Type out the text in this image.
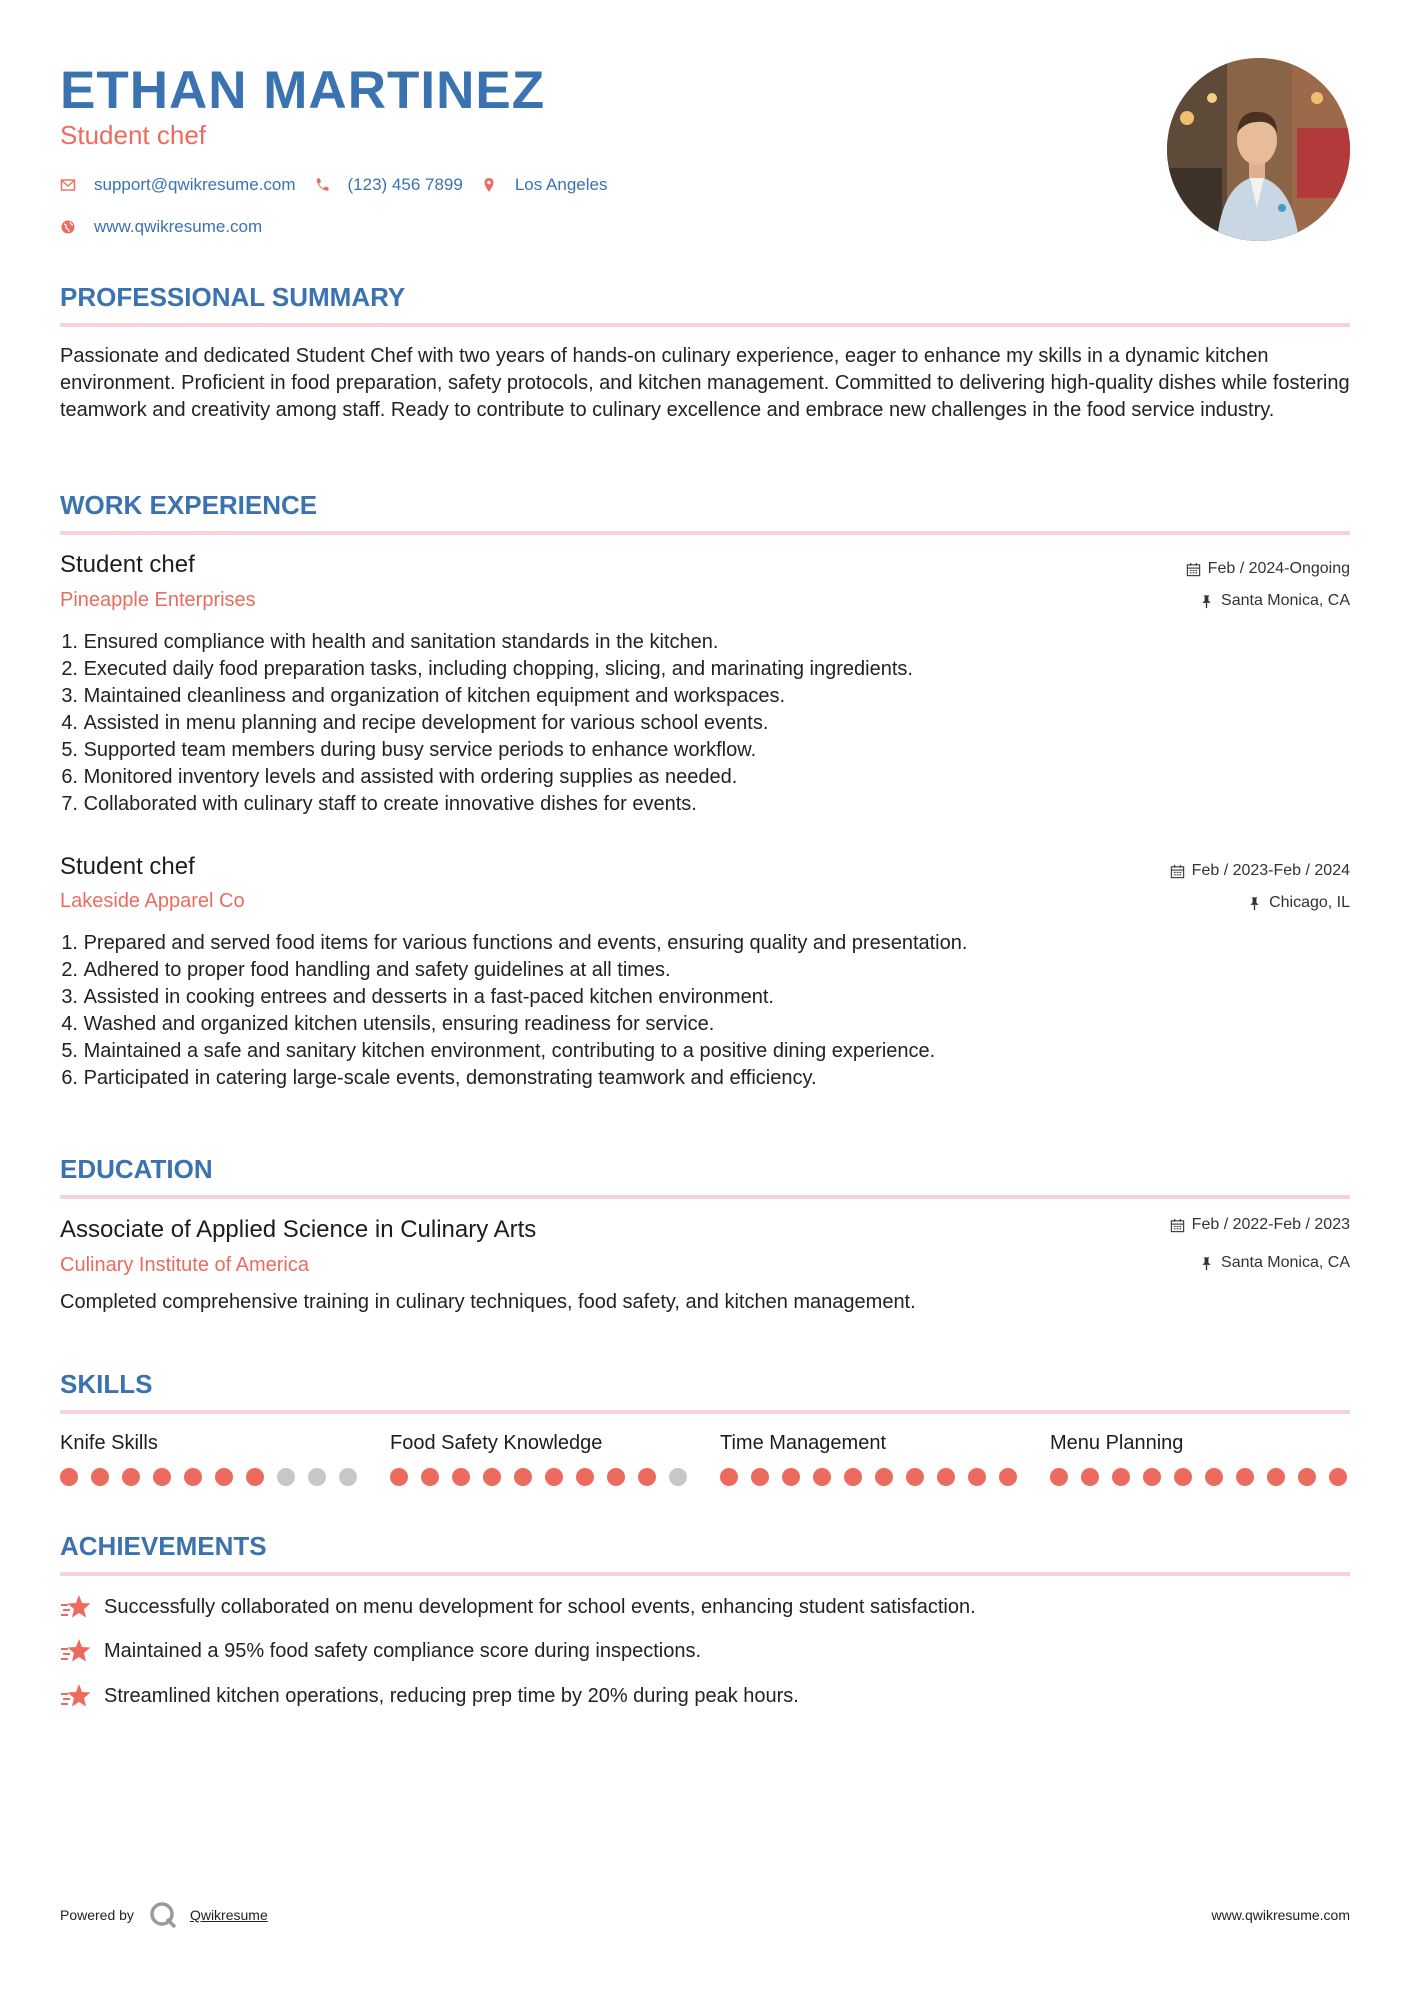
ETHAN MARTINEZ
Student chef
support@qwikresume.com	(123) 456 7899	Los Angeles
www.qwikresume.com
PROFESSIONAL SUMMARY
Passionate and dedicated Student Chef with two years of hands-on culinary experience, eager to enhance my skills in a dynamic kitchen environment. Proficient in food preparation, safety protocols, and kitchen management. Committed to delivering high-quality dishes while fostering teamwork and creativity among staff. Ready to contribute to culinary excellence and embrace new challenges in the food service industry.
WORK EXPERIENCE
Student chef
Pineapple Enterprises
Feb / 2024-Ongoing
Santa Monica, CA
1.
Ensured compliance with health and sanitation standards in the kitchen.
2.
Executed daily food preparation tasks, including chopping, slicing, and marinating ingredients.
3.
Maintained cleanliness and organization of kitchen equipment and workspaces.
4.
Assisted in menu planning and recipe development for various school events.
5.
Supported team members during busy service periods to enhance workflow.
6.
Monitored inventory levels and assisted with ordering supplies as needed.
7.
Collaborated with culinary staff to create innovative dishes for events.
Student chef
Lakeside Apparel Co
Feb / 2023-Feb / 2024
Chicago, IL
1.
Prepared and served food items for various functions and events, ensuring quality and presentation.
2.
Adhered to proper food handling and safety guidelines at all times.
3.
Assisted in cooking entrees and desserts in a fast-paced kitchen environment.
4.
Washed and organized kitchen utensils, ensuring readiness for service.
5.
Maintained a safe and sanitary kitchen environment, contributing to a positive dining experience.
6.
Participated in catering large-scale events, demonstrating teamwork and efficiency.
EDUCATION
Associate of Applied Science in Culinary Arts
Culinary Institute of America
Feb / 2022-Feb / 2023
Santa Monica, CA
Completed comprehensive training in culinary techniques, food safety, and kitchen management.
SKILLS
Knife Skills	Food Safety Knowledge	Time Management	Menu Planning
ACHIEVEMENTS
Successfully collaborated on menu development for school events, enhancing student satisfaction.
Maintained a 95% food safety compliance score during inspections.
Streamlined kitchen operations, reducing prep time by 20% during peak hours.
Powered by	Qwikresume	www.qwikresume.com
